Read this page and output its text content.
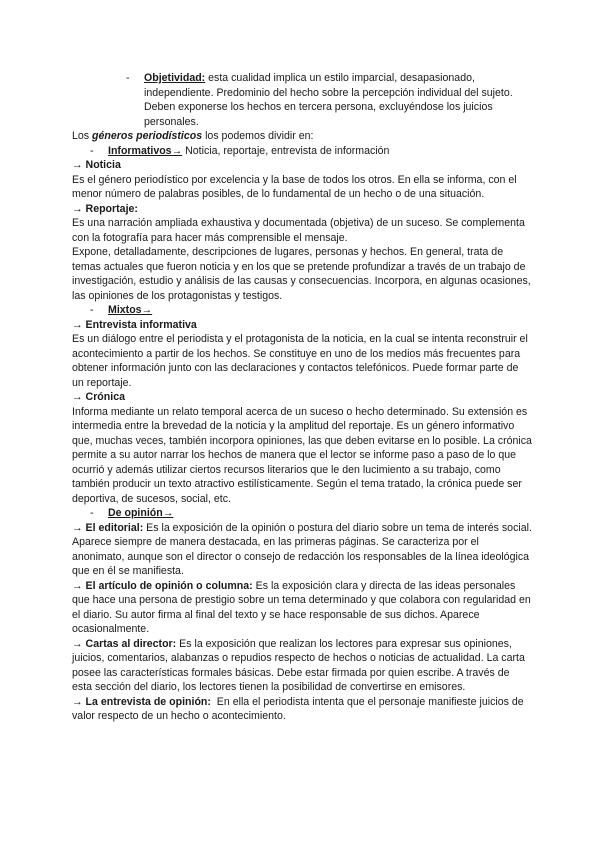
- Objetividad: esta cualidad implica un estilo imparcial, desapasionado, independiente. Predominio del hecho sobre la percepción individual del sujeto. Deben exponerse los hechos en tercera persona, excluyéndose los juicios personales.

Los géneros periodísticos los podemos dividir en:

- Informativos→ Noticia, reportaje, entrevista de información

→ Noticia

Es el género periodístico por excelencia y la base de todos los otros. En ella se informa, con el menor número de palabras posibles, de lo fundamental de un hecho o de una situación.

→ Reportaje:

Es una narración ampliada exhaustiva y documentada (objetiva) de un suceso. Se complementa con la fotografía para hacer más comprensible el mensaje.

Expone, detalladamente, descripciones de lugares, personas y hechos. En general, trata de temas actuales que fueron noticia y en los que se pretende profundizar a través de un trabajo de investigación, estudio y análisis de las causas y consecuencias. Incorpora, en algunas ocasiones, las opiniones de los protagonistas y testigos.

- Mixtos→

→ Entrevista informativa

Es un diálogo entre el periodista y el protagonista de la noticia, en la cual se intenta reconstruir el acontecimiento a partir de los hechos. Se constituye en uno de los medios más frecuentes para obtener información junto con las declaraciones y contactos telefónicos. Puede formar parte de un reportaje.

→ Crónica

Informa mediante un relato temporal acerca de un suceso o hecho determinado. Su extensión es intermedia entre la brevedad de la noticia y la amplitud del reportaje. Es un género informativo que, muchas veces, también incorpora opiniones, las que deben evitarse en lo posible. La crónica permite a su autor narrar los hechos de manera que el lector se informe paso a paso de lo que ocurrió y además utilizar ciertos recursos literarios que le den lucimiento a su trabajo, como también producir un texto atractivo estilísticamente. Según el tema tratado, la crónica puede ser deportiva, de sucesos, social, etc.

- De opinión→

→ El editorial: Es la exposición de la opinión o postura del diario sobre un tema de interés social. Aparece siempre de manera destacada, en las primeras páginas. Se caracteriza por el anonimato, aunque son el director o consejo de redacción los responsables de la línea ideológica que en él se manifiesta.

→ El artículo de opinión o columna: Es la exposición clara y directa de las ideas personales que hace una persona de prestigio sobre un tema determinado y que colabora con regularidad en el diario. Su autor firma al final del texto y se hace responsable de sus dichos. Aparece ocasionalmente.

→ Cartas al director: Es la exposición que realizan los lectores para expresar sus opiniones, juicios, comentarios, alabanzas o repudios respecto de hechos o noticias de actualidad. La carta posee las características formales básicas. Debe estar firmada por quien escribe. A través de esta sección del diario, los lectores tienen la posibilidad de convertirse en emisores.

→ La entrevista de opinión:  En ella el periodista intenta que el personaje manifieste juicios de valor respecto de un hecho o acontecimiento.
